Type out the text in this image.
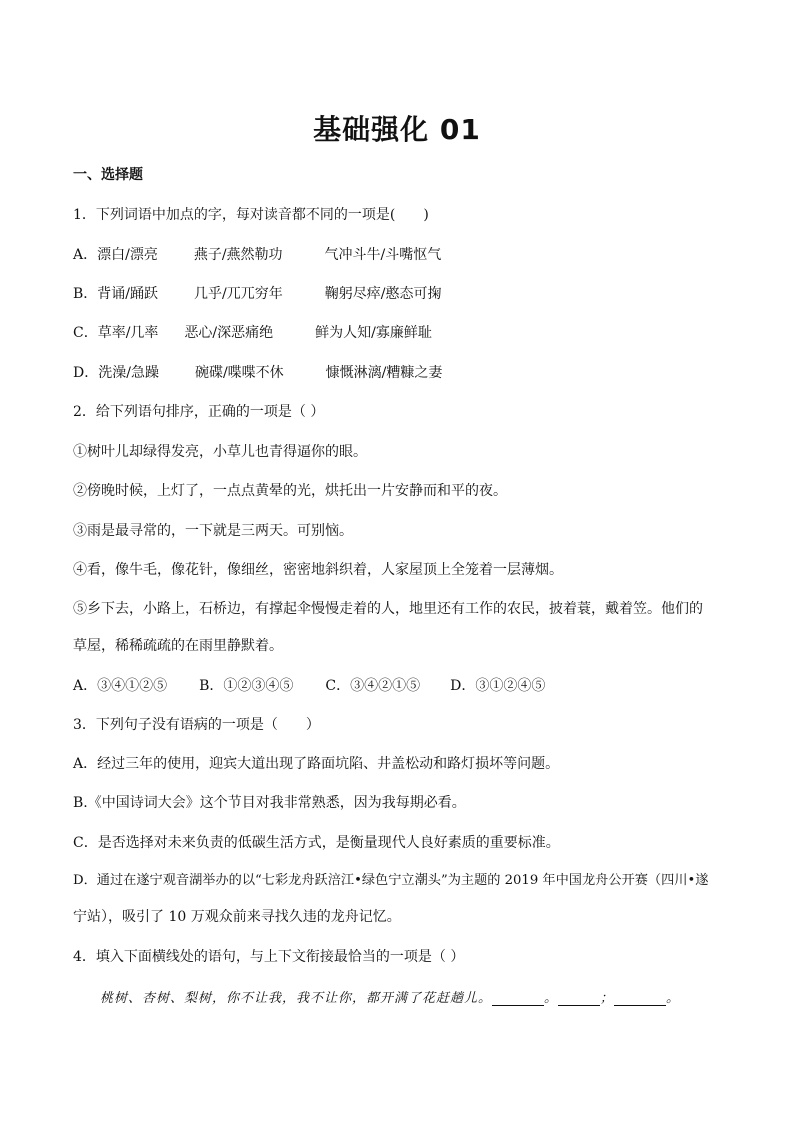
基础强化 01
一、选择题
1．下列词语中加点的字，每对读音都不同的一项是(　　)
A．漂白/漂亮	燕子/燕然勒功	气冲斗牛/斗嘴怄气
B．背诵/踊跃	几乎/兀兀穷年	鞠躬尽瘁/憨态可掬
C．草率/几率 恶心/深恶痛绝	鲜为人知/寡廉鲜耻
D．洗澡/急躁	碗碟/喋喋不休	慷慨淋漓/糟糠之妻
2．给下列语句排序，正确的一项是（ ）
①树叶儿却绿得发亮，小草儿也青得逼你的眼。
②傍晚时候，上灯了，一点点黄晕的光，烘托出一片安静而和平的夜。
③雨是最寻常的，一下就是三两天。可别恼。
④看，像牛毛，像花针，像细丝，密密地斜织着，人家屋顶上全笼着一层薄烟。
⑤乡下去，小路上，石桥边，有撑起伞慢慢走着的人，地里还有工作的农民，披着蓑，戴着笠。他们的
草屋，稀稀疏疏的在雨里静默着。
A．③④①②⑤ B．①②③④⑤ C．③④②①⑤ D．③①②④⑤
3．下列句子没有语病的一项是（　　）
A．经过三年的使用，迎宾大道出现了路面坑陷、井盖松动和路灯损坏等问题。
B.《中国诗词大会》这个节目对我非常熟悉，因为我每期必看。
C．是否选择对未来负责的低碳生活方式，是衡量现代人良好素质的重要标准。
D．通过在遂宁观音湖举办的以“七彩龙舟跃涪江•绿色宁立潮头”为主题的 2019 年中国龙舟公开赛（四川•遂
宁站），吸引了 10 万观众前来寻找久违的龙舟记忆。
4．填入下面横线处的语句，与上下文衔接最恰当的一项是（ ）
桃树、杏树、梨树，你不让我，我不让你，都开满了花赶趟儿。	。	；	。
